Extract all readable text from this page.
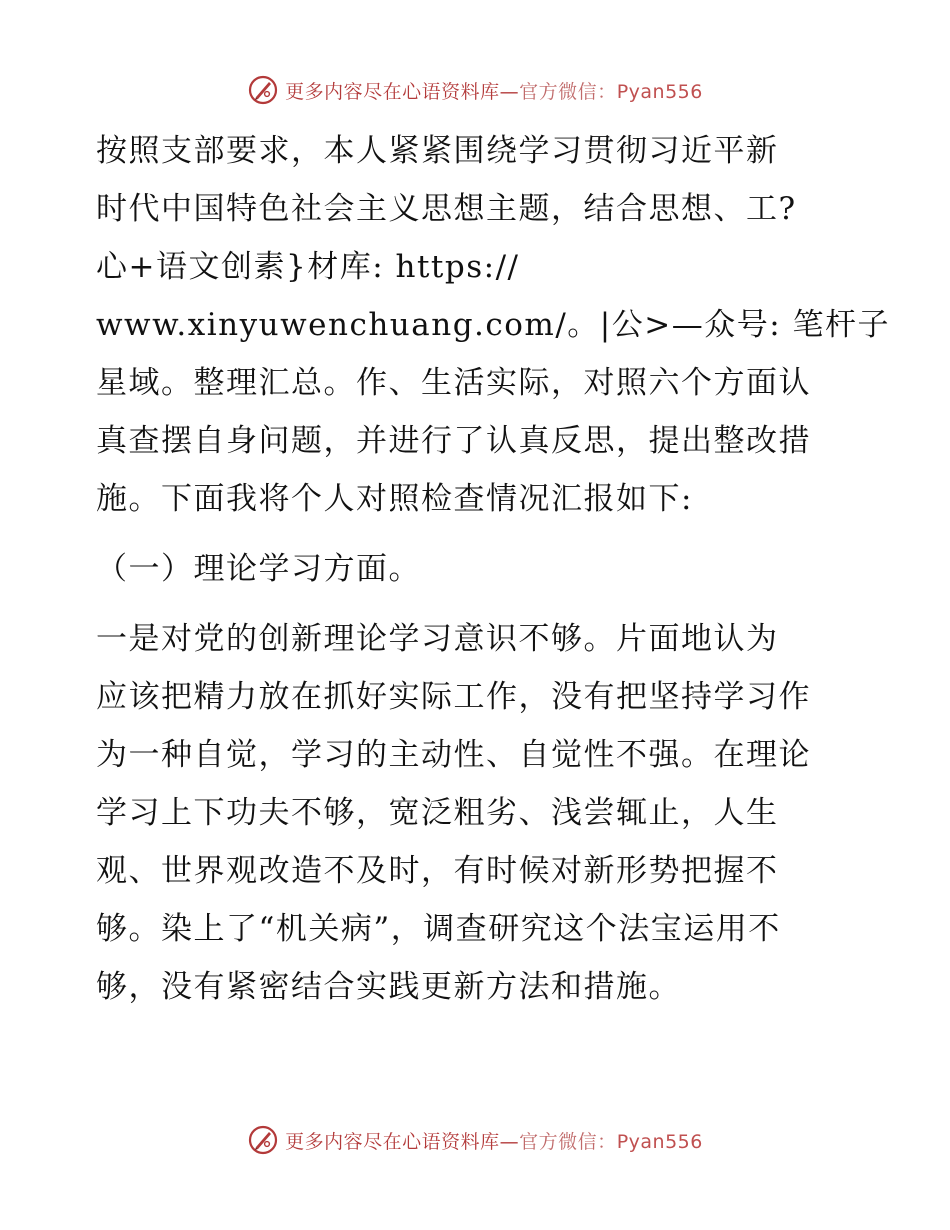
更多内容尽在心语资料库—官方微信：Pyan556

按照支部要求，本人紧紧围绕学习贯彻习近平新
时代中国特色社会主义思想主题，结合思想、工?
心+语文创素}材库: https://
www.xinyuwenchuang.com/。|公>—众号: 笔杆子
星域。整理汇总。作、生活实际，对照六个方面认
真查摆自身问题，并进行了认真反思，提出整改措
施。下面我将个人对照检查情况汇报如下:

（一）理论学习方面。

一是对党的创新理论学习意识不够。片面地认为
应该把精力放在抓好实际工作，没有把坚持学习作
为一种自觉，学习的主动性、自觉性不强。在理论
学习上下功夫不够，宽泛粗劣、浅尝辄止，人生
观、世界观改造不及时，有时候对新形势把握不
够。染上了“机关病”，调查研究这个法宝运用不
够，没有紧密结合实践更新方法和措施。

更多内容尽在心语资料库—官方微信：Pyan556
